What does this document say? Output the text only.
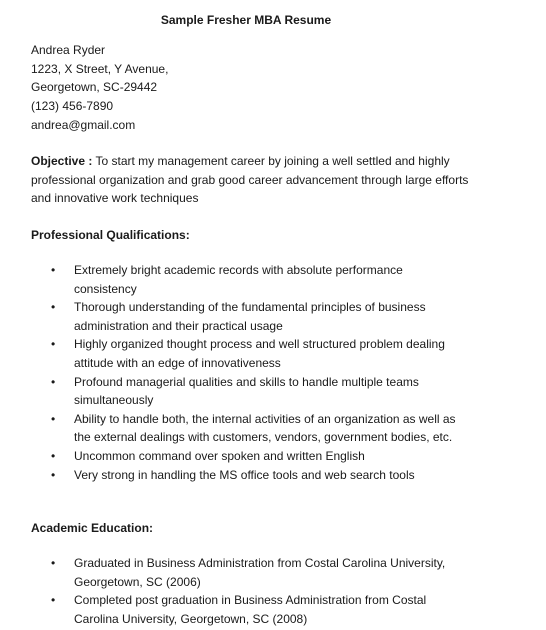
Sample Fresher MBA Resume
Andrea Ryder
1223, X Street, Y Avenue,
Georgetown, SC-29442
(123) 456-7890
andrea@gmail.com
Objective : To start my management career by joining a well settled and highly professional organization and grab good career advancement through large efforts and innovative work techniques
Professional Qualifications:
• Extremely bright academic records with absolute performance consistency
• Thorough understanding of the fundamental principles of business administration and their practical usage
• Highly organized thought process and well structured problem dealing attitude with an edge of innovativeness
• Profound managerial qualities and skills to handle multiple teams simultaneously
• Ability to handle both, the internal activities of an organization as well as the external dealings with customers, vendors, government bodies, etc.
• Uncommon command over spoken and written English
• Very strong in handling the MS office tools and web search tools
Academic Education:
• Graduated in Business Administration from Costal Carolina University, Georgetown, SC (2006)
• Completed post graduation in Business Administration from Costal Carolina University, Georgetown, SC (2008)
